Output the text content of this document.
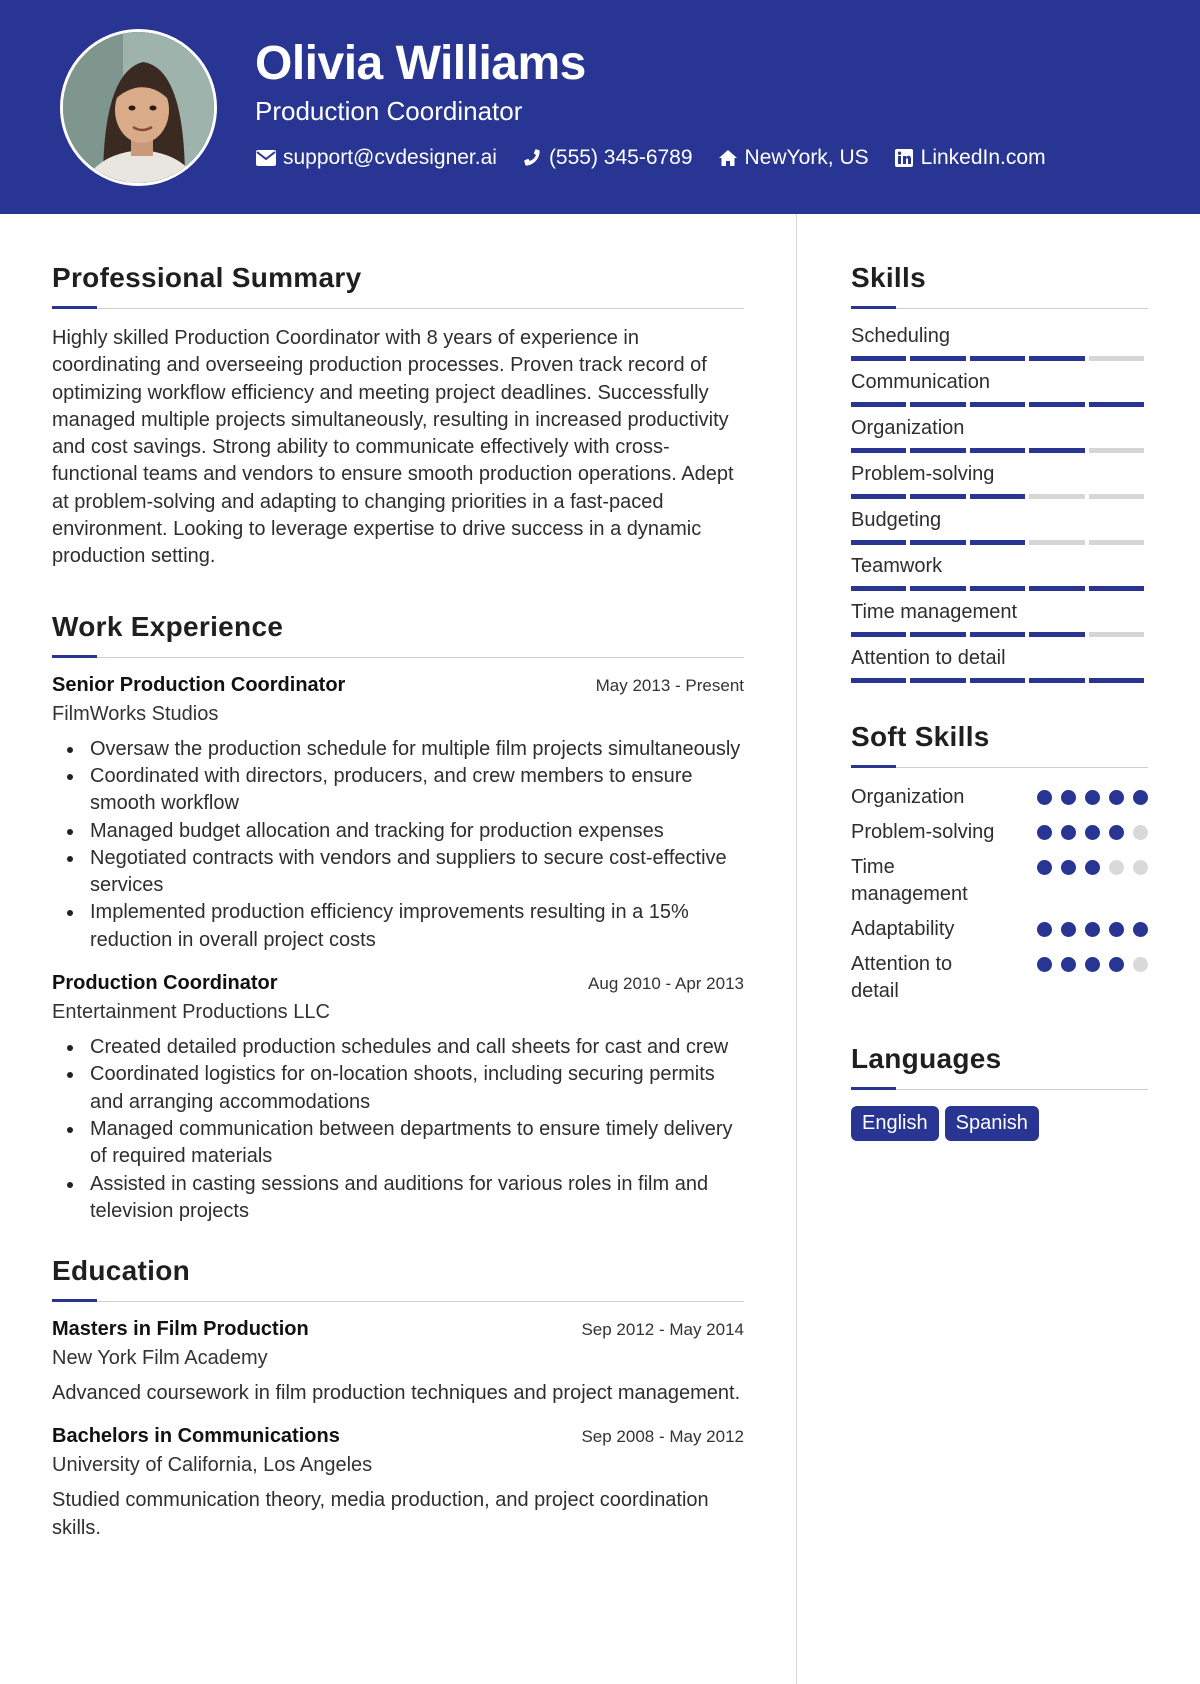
Olivia Williams
Production Coordinator
support@cvdesigner.ai (555) 345-6789 NewYork, US LinkedIn.com
Professional Summary

Highly skilled Production Coordinator with 8 years of experience in coordinating and overseeing production processes. Proven track record of optimizing workflow efficiency and meeting project deadlines. Successfully managed multiple projects simultaneously, resulting in increased productivity and cost savings. Strong ability to communicate effectively with cross-functional teams and vendors to ensure smooth production operations. Adept at problem-solving and adapting to changing priorities in a fast-paced environment. Looking to leverage expertise to drive success in a dynamic production setting.

Work Experience
Senior Production Coordinator	May 2013 - Present
FilmWorks Studios
Oversaw the production schedule for multiple film projects simultaneously
Coordinated with directors, producers, and crew members to ensure smooth workflow
Managed budget allocation and tracking for production expenses
Negotiated contracts with vendors and suppliers to secure cost-effective services
Implemented production efficiency improvements resulting in a 15% reduction in overall project costs
Production Coordinator	Aug 2010 - Apr 2013
Entertainment Productions LLC
Created detailed production schedules and call sheets for cast and crew
Coordinated logistics for on-location shoots, including securing permits and arranging accommodations
Managed communication between departments to ensure timely delivery of required materials
Assisted in casting sessions and auditions for various roles in film and television projects
Education
Masters in Film Production	Sep 2012 - May 2014
New York Film Academy

Advanced coursework in film production techniques and project management.

Bachelors in Communications	Sep 2008 - May 2012
University of California, Los Angeles

Studied communication theory, media production, and project coordination skills.

Skills
Scheduling
Communication
Organization
Problem-solving
Budgeting
Teamwork
Time management
Attention to detail
Soft Skills
Organization
Problem-solving
Time management
Adaptability
Attention to detail
Languages
English	Spanish
